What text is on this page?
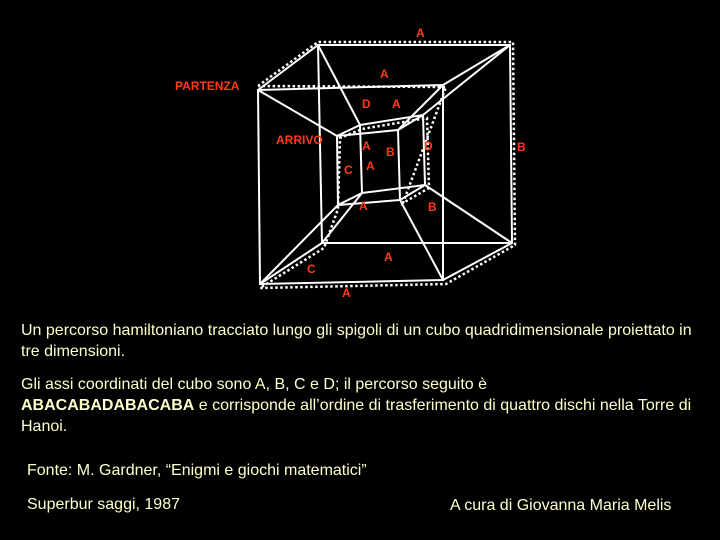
PARTENZA
ARRIVO
A
A
D A
A B D	B
C A
A	B
A
C
A
Un percorso hamiltoniano tracciato lungo gli spigoli di un cubo quadridimensionale proiettato in tre dimensioni.
Gli assi coordinati del cubo sono A, B, C e D; il percorso seguito è
ABACABADABACABA e corrisponde all’ordine di trasferimento di quattro dischi nella Torre di Hanoi.
Fonte: M. Gardner, “Enigmi e giochi matematici”
Superbur saggi, 1987	A cura di Giovanna Maria Melis
